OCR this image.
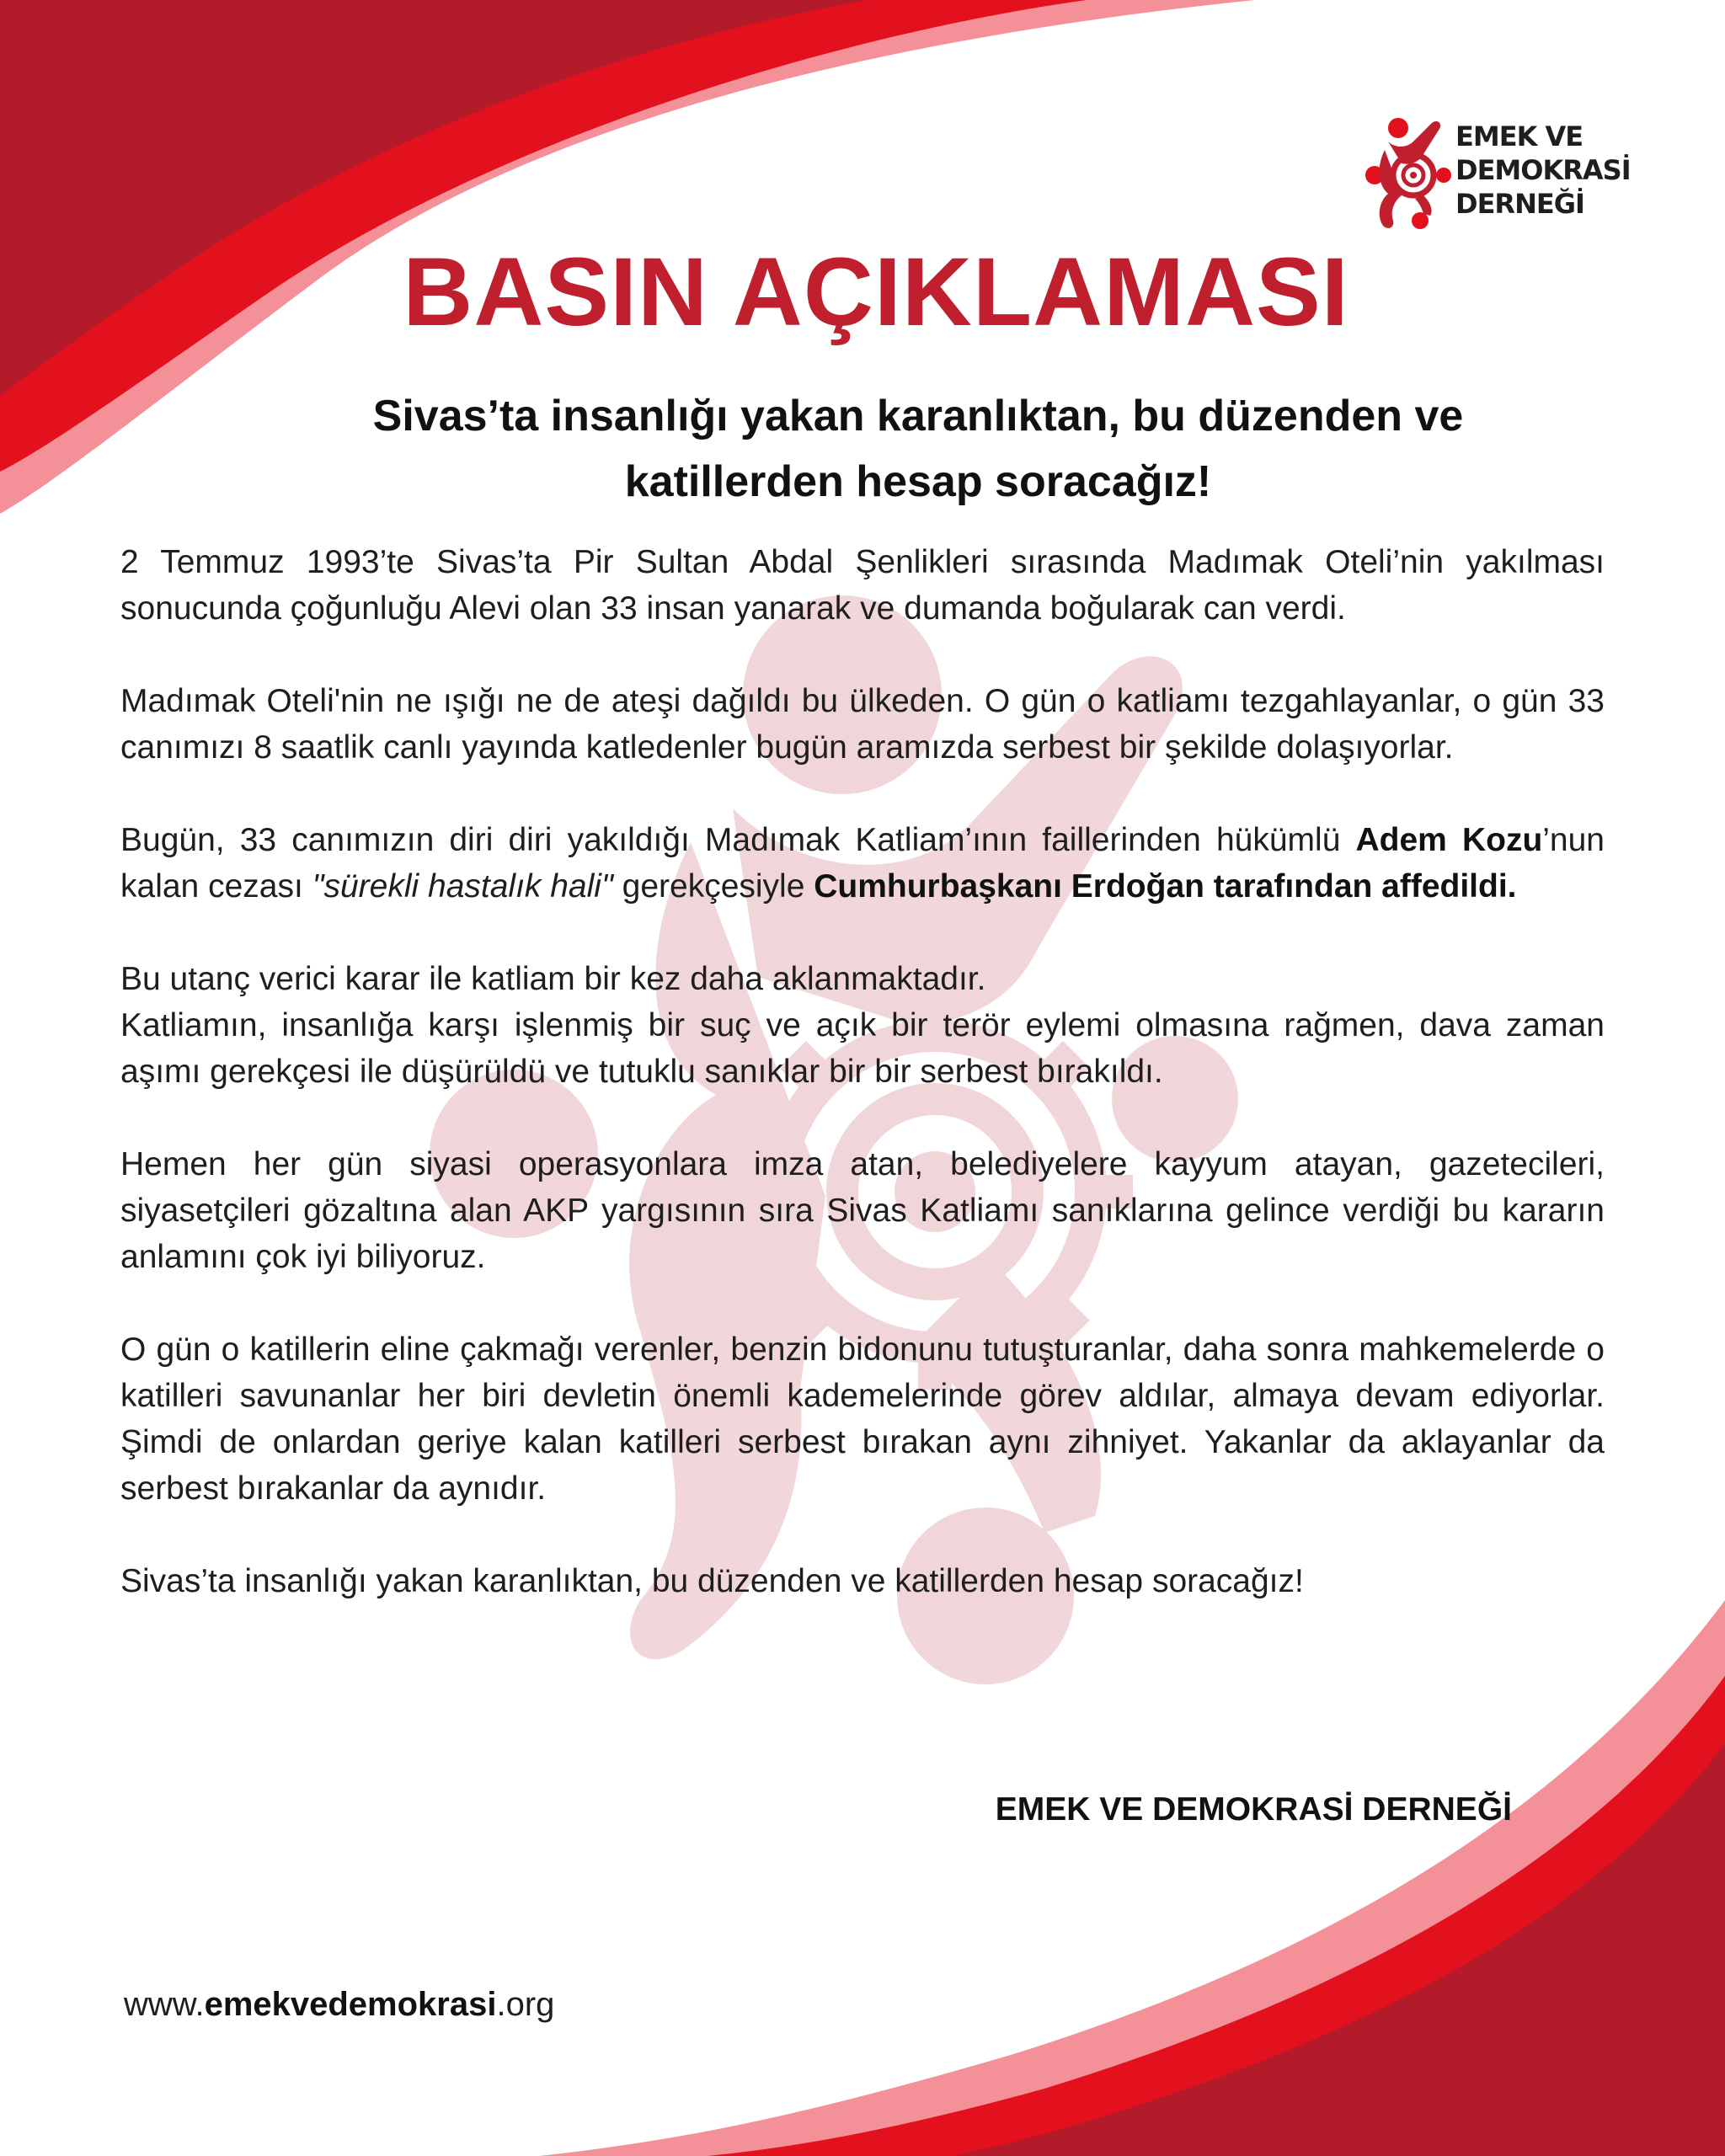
EMEK VE
DEMOKRASİ
DERNEĞİ
BASIN AÇIKLAMASI
Sivas’ta insanlığı yakan karanlıktan, bu düzenden ve
katillerden hesap soracağız!

2 Temmuz 1993’te Sivas’ta Pir Sultan Abdal Şenlikleri sırasında Madımak Oteli’nin yakılması sonucunda çoğunluğu Alevi olan 33 insan yanarak ve dumanda boğularak can verdi.

Madımak Oteli'nin ne ışığı ne de ateşi dağıldı bu ülkeden. O gün o katliamı tezgahlayanlar, o gün 33 canımızı 8 saatlik canlı yayında katledenler bugün aramızda serbest bir şekilde dolaşıyorlar.

Bugün, 33 canımızın diri diri yakıldığı Madımak Katliam’ının faillerinden hükümlü Adem Kozu’nun kalan cezası "sürekli hastalık hali" gerekçesiyle Cumhurbaşkanı Erdoğan tarafından affedildi.

Bu utanç verici karar ile katliam bir kez daha aklanmaktadır.

Katliamın, insanlığa karşı işlenmiş bir suç ve açık bir terör eylemi olmasına rağmen, dava zaman aşımı gerekçesi ile düşürüldü ve tutuklu sanıklar bir bir serbest bırakıldı.

Hemen her gün siyasi operasyonlara imza atan, belediyelere kayyum atayan, gazetecileri, siyasetçileri gözaltına alan AKP yargısının sıra Sivas Katliamı sanıklarına gelince verdiği bu kararın anlamını çok iyi biliyoruz.

O gün o katillerin eline çakmağı verenler, benzin bidonunu tutuşturanlar, daha sonra mahkemelerde o katilleri savunanlar her biri devletin önemli kademelerinde görev aldılar, almaya devam ediyorlar. Şimdi de onlardan geriye kalan katilleri serbest bırakan aynı zihniyet. Yakanlar da aklayanlar da serbest bırakanlar da aynıdır.

Sivas’ta insanlığı yakan karanlıktan, bu düzenden ve katillerden hesap soracağız!

EMEK VE DEMOKRASİ DERNEĞİ
www.emekvedemokrasi.org
